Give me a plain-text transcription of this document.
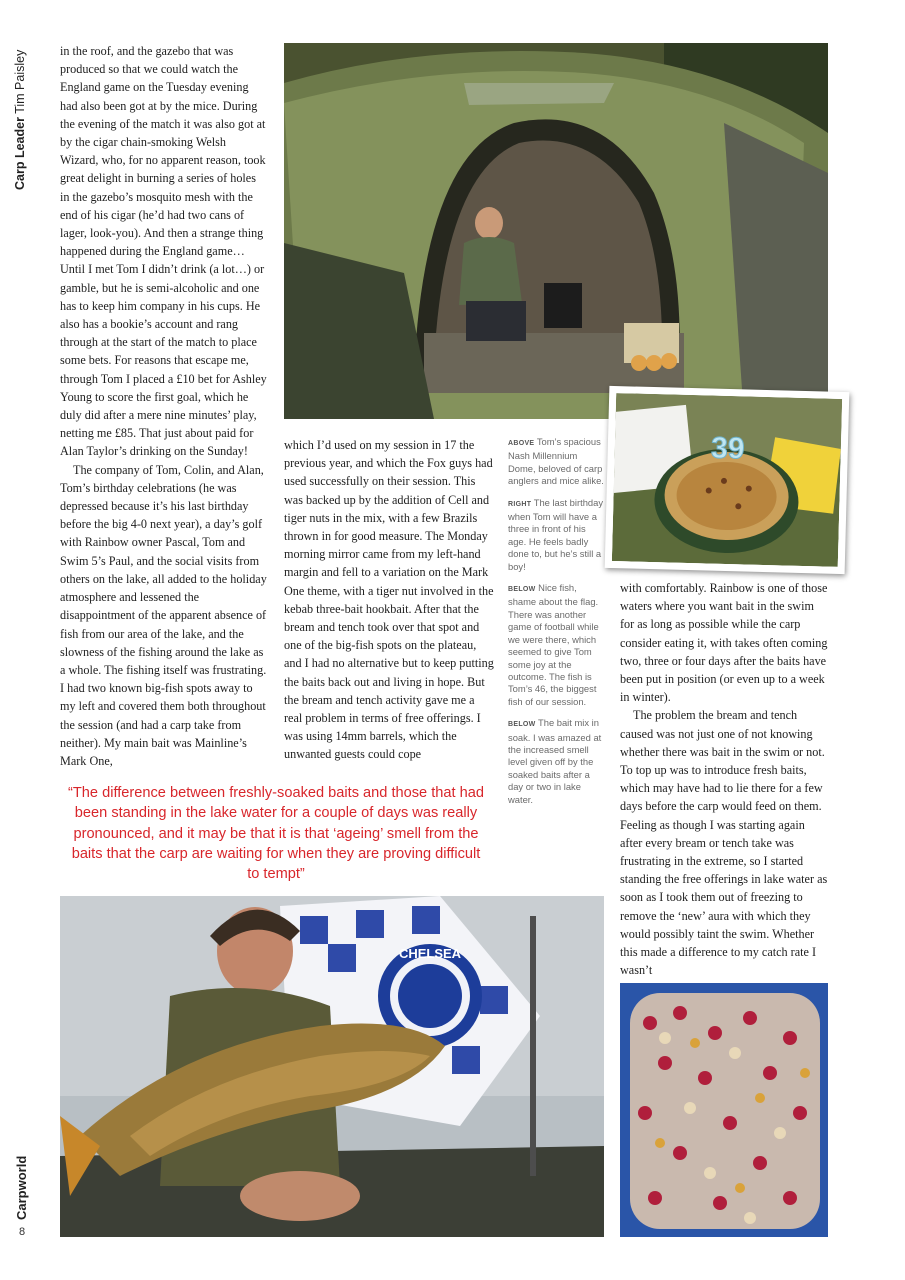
Carp Leader Tim Paisley
Carpworld
8

in the roof, and the gazebo that was produced so that we could watch the England game on the Tuesday evening had also been got at by the mice. During the evening of the match it was also got at by the cigar chain-smoking Welsh Wizard, who, for no apparent reason, took great delight in burning a series of holes in the gazebo’s mosquito mesh with the end of his cigar (he’d had two cans of lager, look-you). And then a strange thing happened during the England game… Until I met Tom I didn’t drink (a lot…) or gamble, but he is semi-alcoholic and one has to keep him company in his cups. He also has a bookie’s account and rang through at the start of the match to place some bets. For reasons that escape me, through Tom I placed a £10 bet for Ashley Young to score the first goal, which he duly did after a mere nine minutes’ play, netting me £85. That just about paid for Alan Taylor’s drinking on the Sunday!

The company of Tom, Colin, and Alan, Tom’s birthday celebrations (he was depressed because it’s his last birthday before the big 4-0 next year), a day’s golf with Rainbow owner Pascal, Tom and Swim 5’s Paul, and the social visits from others on the lake, all added to the holiday atmosphere and lessened the disappointment of the apparent absence of fish from our area of the lake, and the slowness of the fishing around the lake as a whole. The fishing itself was frustrating. I had two known big-fish spots away to my left and covered them both throughout the session (and had a carp take from neither). My main bait was Mainline’s Mark One,

39

which I’d used on my session in 17 the previous year, and which the Fox guys had used successfully on their session. This was backed up by the addition of Cell and tiger nuts in the mix, with a few Brazils thrown in for good measure. The Monday morning mirror came from my left-hand margin and fell to a variation on the Mark One theme, with a tiger nut involved in the kebab three-bait hookbait. After that the bream and tench took over that spot and one of the big-fish spots on the plateau, and I had no alternative but to keep putting the baits back out and living in hope. But the bream and tench activity gave me a real problem in terms of free offerings. I was using 14mm barrels, which the unwanted guests could cope

ABOVE Tom’s spacious Nash Millennium Dome, beloved of carp anglers and mice alike.

RIGHT The last birthday when Tom will have a three in front of his age. He feels badly done to, but he’s still a boy!

BELOW Nice fish, shame about the flag. There was another game of football while we were there, which seemed to give Tom some joy at the outcome. The fish is Tom’s 46, the biggest fish of our session.

BELOW The bait mix in soak. I was amazed at the increased smell level given off by the soaked baits after a day or two in lake water.

with comfortably. Rainbow is one of those waters where you want bait in the swim for as long as possible while the carp consider eating it, with takes often coming two, three or four days after the baits have been put in position (or even up to a week in winter).

The problem the bream and tench caused was not just one of not knowing whether there was bait in the swim or not. To top up was to introduce fresh baits, which may have had to lie there for a few days before the carp would feed on them. Feeling as though I was starting again after every bream or tench take was frustrating in the extreme, so I started standing the free offerings in lake water as soon as I took them out of freezing to remove the ‘new’ aura with which they would possibly taint the swim. Whether this made a difference to my catch rate I wasn’t

“The difference between freshly-soaked baits and those that had been standing in the lake water for a couple of days was really pronounced, and it may be that it is that ‘ageing’ smell from the baits that the carp are waiting for when they are proving difficult to tempt”
CHELSEA
